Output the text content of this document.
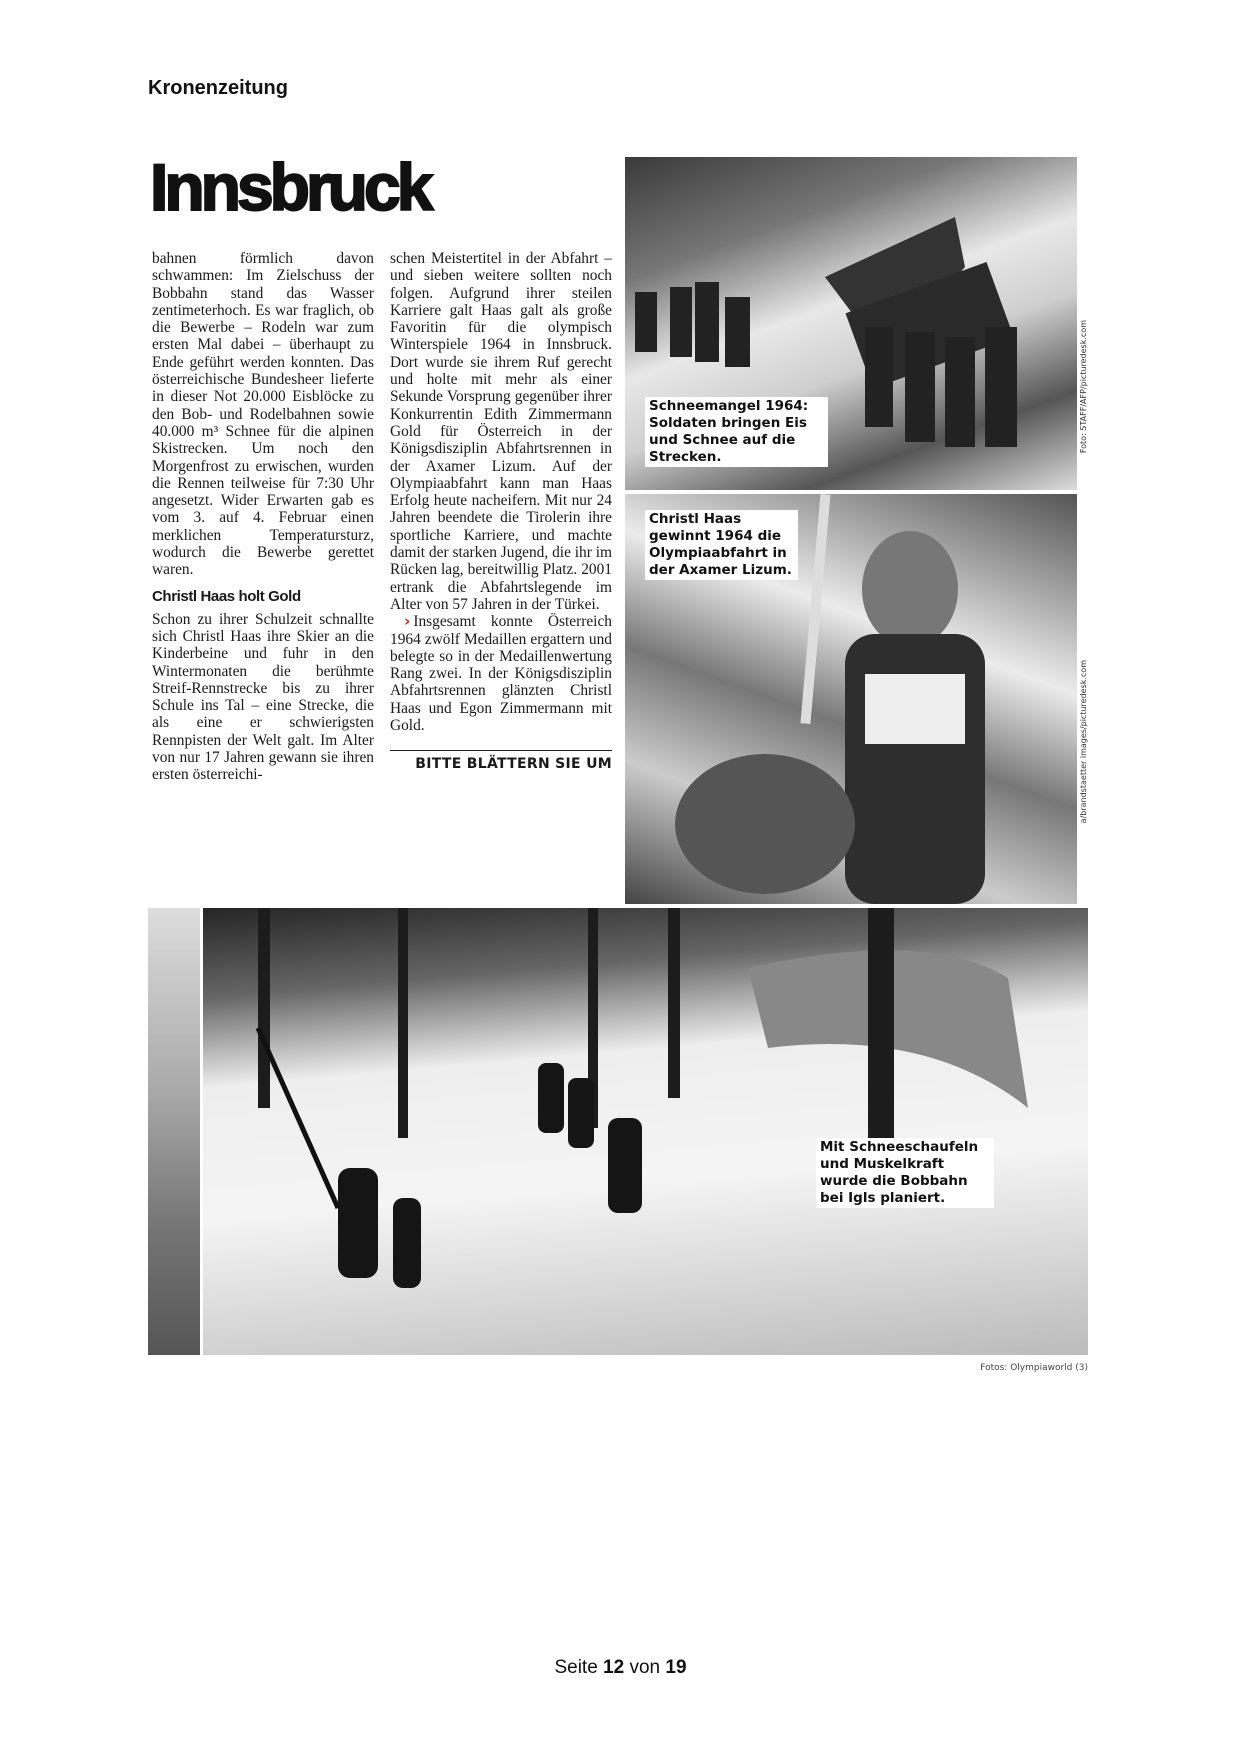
Kronenzeitung
Innsbruck

bahnen förmlich davon schwammen: Im Zielschuss der Bobbahn stand das Wasser zentimeterhoch. Es war fraglich, ob die Bewerbe – Rodeln war zum ersten Mal dabei – überhaupt zu Ende geführt werden konnten. Das österreichische Bundesheer lieferte in dieser Not 20.000 Eisblöcke zu den Bob- und Rodelbahnen sowie 40.000 m³ Schnee für die alpinen Skistrecken. Um noch den Morgenfrost zu erwischen, wurden die Rennen teilweise für 7:30 Uhr angesetzt. Wider Erwarten gab es vom 3. auf 4. Februar einen merklichen Temperatursturz, wodurch die Bewerbe gerettet waren.

Christl Haas holt Gold

Schon zu ihrer Schulzeit schnallte sich Christl Haas ihre Skier an die Kinderbeine und fuhr in den Wintermonaten die berühmte Streif-Rennstrecke bis zu ihrer Schule ins Tal – eine Strecke, die als eine er schwierigsten Rennpisten der Welt galt. Im Alter von nur 17 Jahren gewann sie ihren ersten österreichi-

schen Meistertitel in der Abfahrt – und sieben weitere sollten noch folgen. Aufgrund ihrer steilen Karriere galt Haas galt als große Favoritin für die olympisch Winterspiele 1964 in Innsbruck. Dort wurde sie ihrem Ruf gerecht und holte mit mehr als einer Sekunde Vorsprung gegenüber ihrer Konkurrentin Edith Zimmermann Gold für Österreich in der Königsdisziplin Abfahrtsrennen in der Axamer Lizum. Auf der Olympiaabfahrt kann man Haas Erfolg heute nacheifern. Mit nur 24 Jahren beendete die Tirolerin ihre sportliche Karriere, und machte damit der starken Jugend, die ihr im Rücken lag, bereitwillig Platz. 2001 ertrank die Abfahrtslegende im Alter von 57 Jahren in der Türkei.

› Insgesamt konnte Österreich 1964 zwölf Medaillen ergattern und belegte so in der Medaillenwertung Rang zwei. In der Königsdisziplin Abfahrtsrennen glänzten Christl Haas und Egon Zimmermann mit Gold.

BITTE BLÄTTERN SIE UM
Schneemangel 1964: Soldaten bringen Eis und Schnee auf die Strecken.
Foto: STAFF/AFP/picturedesk.com
Christl Haas gewinnt 1964 die Olympiaabfahrt in der Axamer Lizum.
a/brandstaetter images/picturedesk.com
Mit Schneeschaufeln und Muskelkraft wurde die Bobbahn bei Igls planiert.
Fotos: Olympiaworld (3)
Seite 12 von 19
